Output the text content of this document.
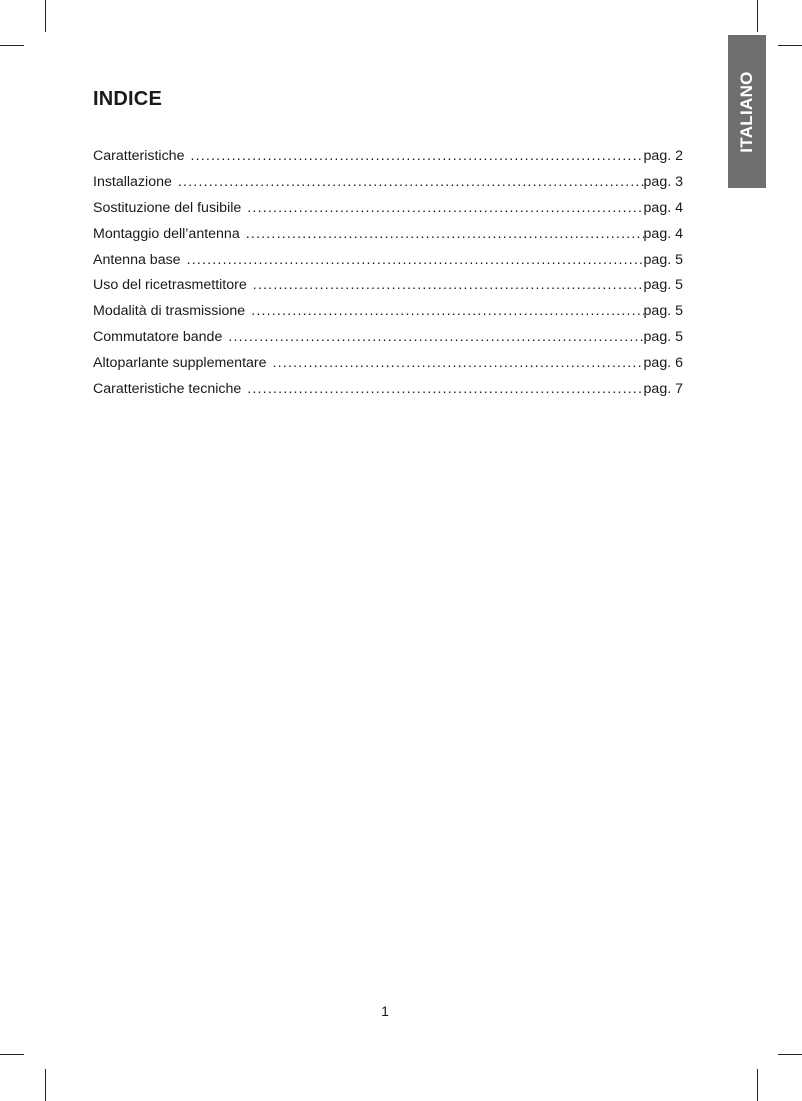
ITALIANO
INDICE
Caratteristiche .....	pag. 2
Installazione .....	pag. 3
Sostituzione del fusibile .....	pag. 4
Montaggio dell’antenna .....	pag. 4
Antenna base .....	pag. 5
Uso del ricetrasmettitore .....	pag. 5
Modalità di trasmissione .....	pag. 5
Commutatore bande .....	pag. 5
Altoparlante supplementare .....	pag. 6
Caratteristiche tecniche .....	pag. 7
1
